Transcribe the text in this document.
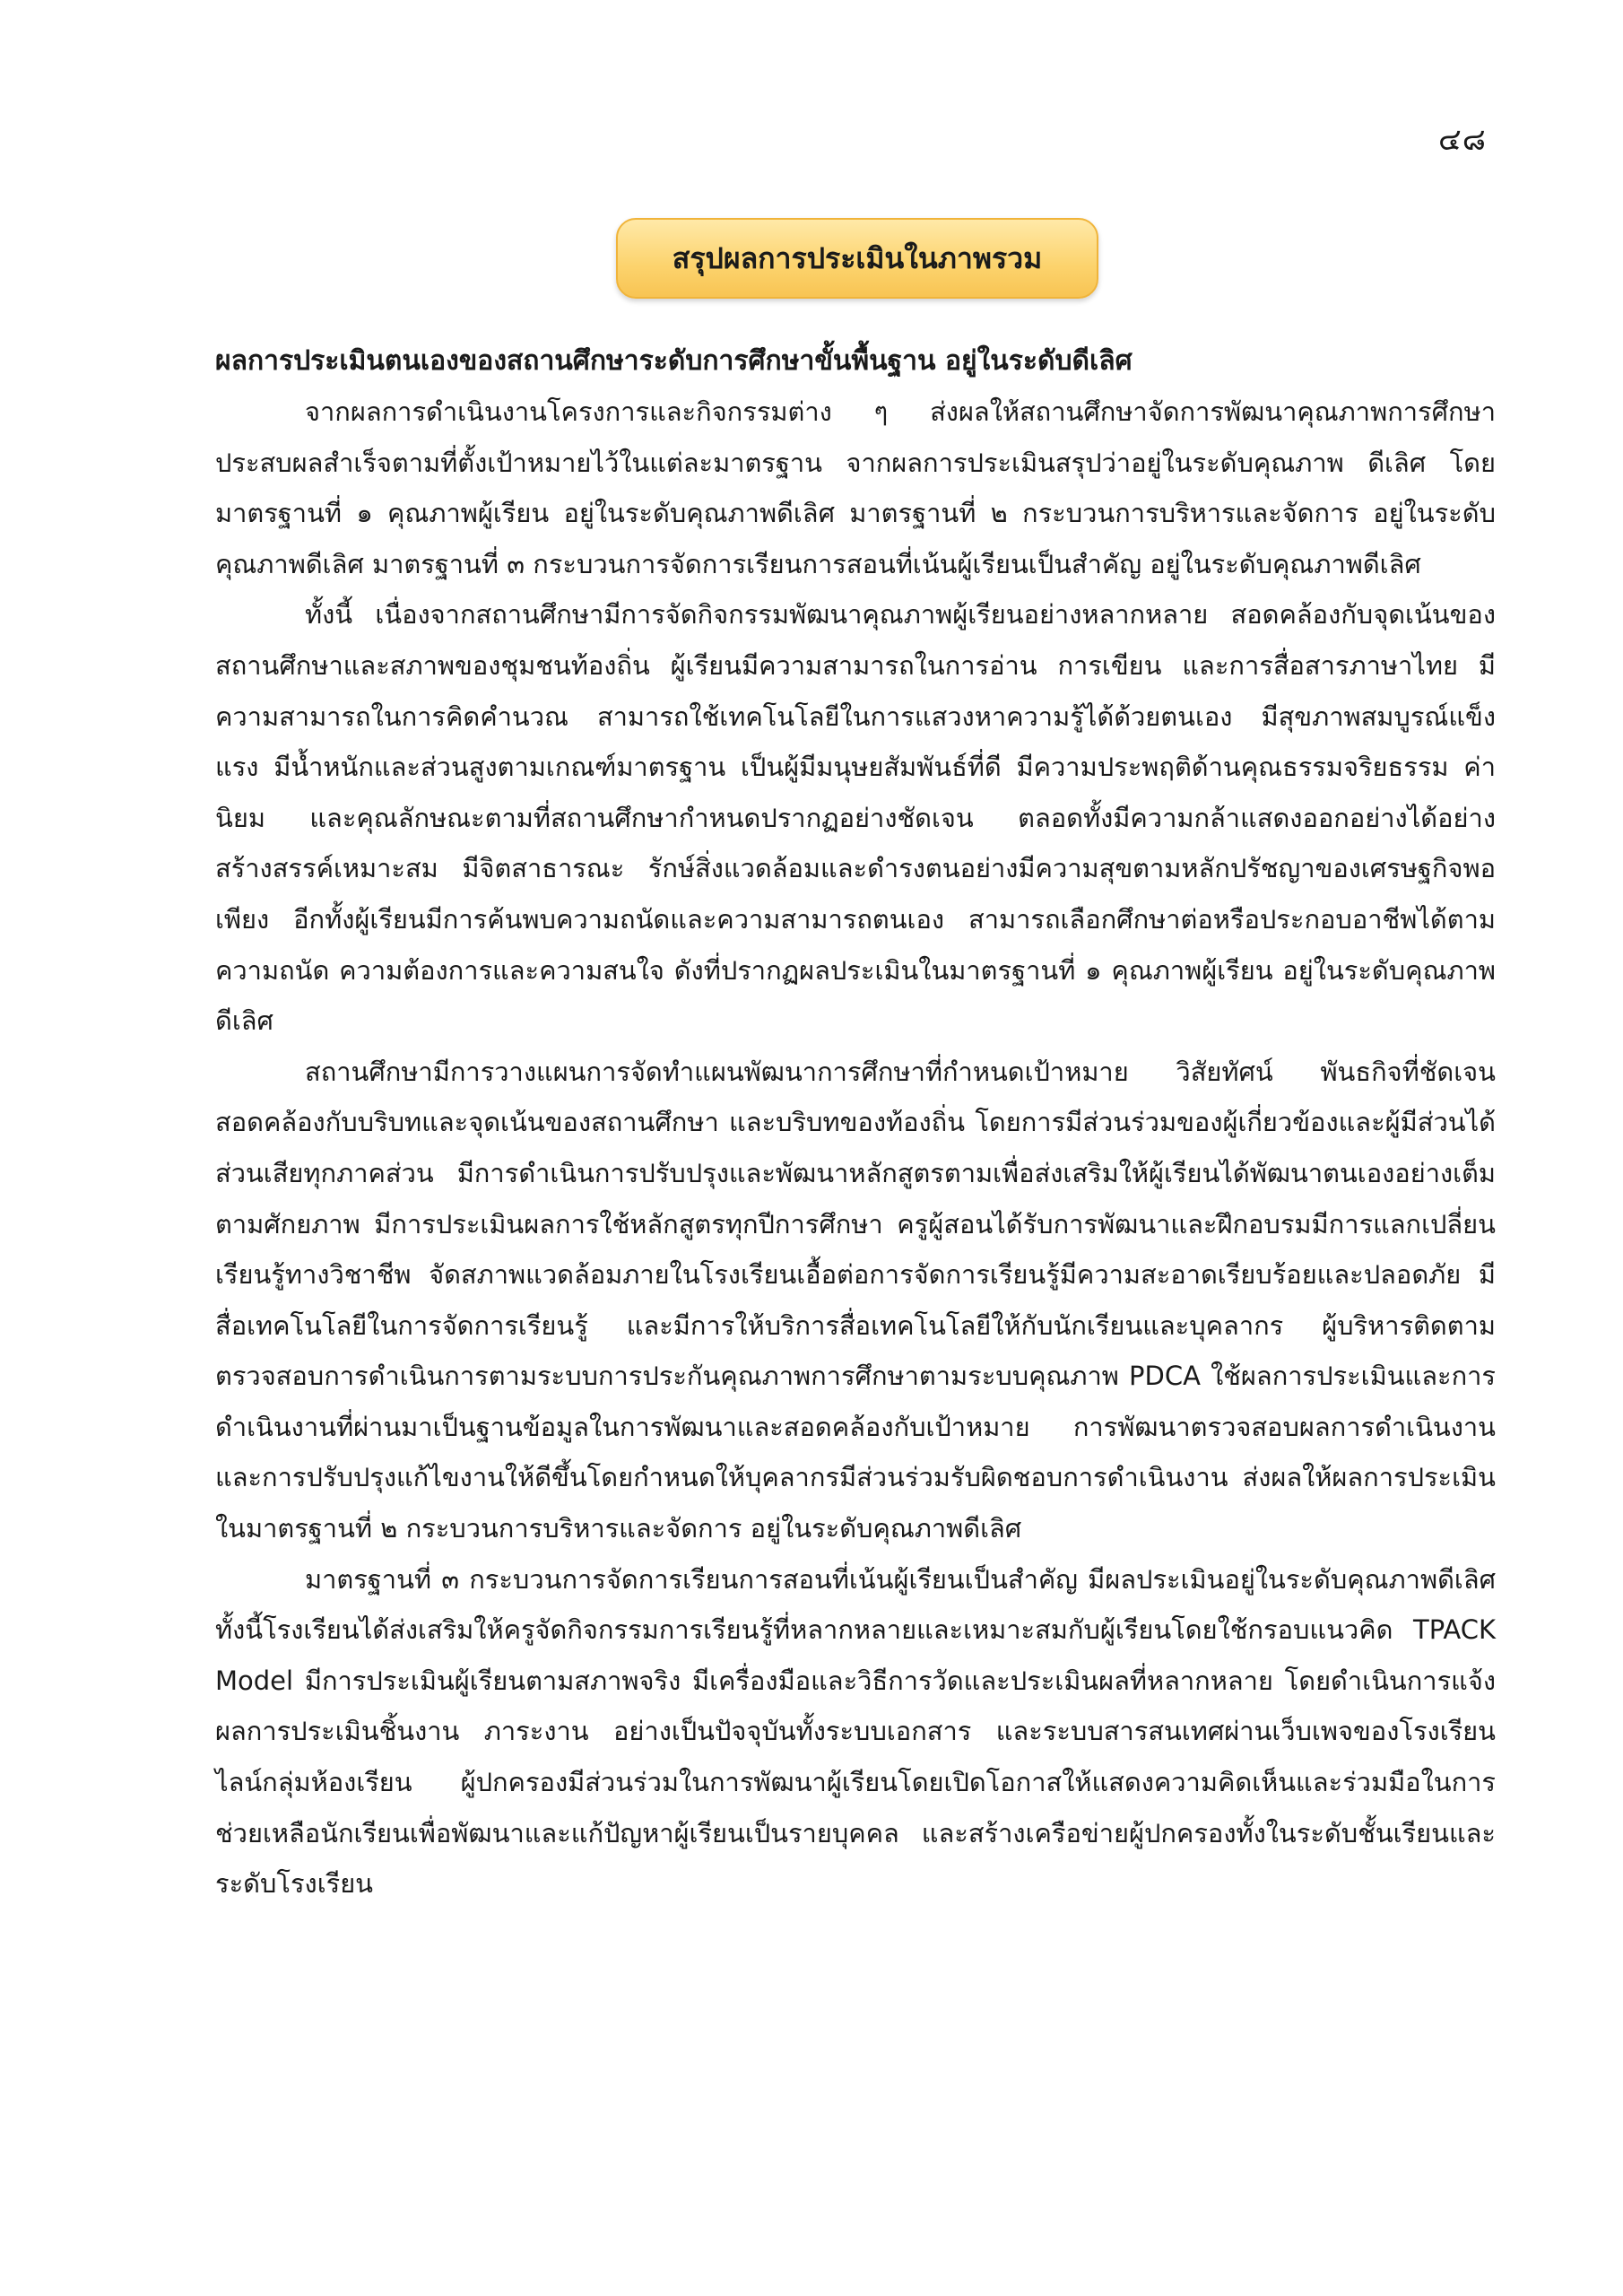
๔๘
สรุปผลการประเมินในภาพรวม

ผลการประเมินตนเองของสถานศึกษาระดับการศึกษาขั้นพื้นฐาน อยู่ในระดับดีเลิศ

จากผลการดำเนินงานโครงการและกิจกรรมต่าง ๆ ส่งผลให้สถานศึกษาจัดการพัฒนาคุณภาพการศึกษาประสบผลสำเร็จตามที่ตั้งเป้าหมายไว้ในแต่ละมาตรฐาน จากผลการประเมินสรุปว่าอยู่ในระดับคุณภาพ ดีเลิศ โดยมาตรฐานที่ ๑ คุณภาพผู้เรียน อยู่ในระดับคุณภาพดีเลิศ มาตรฐานที่ ๒ กระบวนการบริหารและจัดการ อยู่ในระดับคุณภาพดีเลิศ มาตรฐานที่ ๓ กระบวนการจัดการเรียนการสอนที่เน้นผู้เรียนเป็นสำคัญ อยู่ในระดับคุณภาพดีเลิศ

ทั้งนี้ เนื่องจากสถานศึกษามีการจัดกิจกรรมพัฒนาคุณภาพผู้เรียนอย่างหลากหลาย สอดคล้องกับจุดเน้นของสถานศึกษาและสภาพของชุมชนท้องถิ่น ผู้เรียนมีความสามารถในการอ่าน การเขียน และการสื่อสารภาษาไทย มีความสามารถในการคิดคำนวณ สามารถใช้เทคโนโลยีในการแสวงหาความรู้ได้ด้วยตนเอง มีสุขภาพสมบูรณ์แข็งแรง มีน้ำหนักและส่วนสูงตามเกณฑ์มาตรฐาน เป็นผู้มีมนุษยสัมพันธ์ที่ดี มีความประพฤติด้านคุณธรรมจริยธรรม ค่านิยม และคุณลักษณะตามที่สถานศึกษากำหนดปรากฏอย่างชัดเจน ตลอดทั้งมีความกล้าแสดงออกอย่างได้อย่างสร้างสรรค์เหมาะสม มีจิตสาธารณะ รักษ์สิ่งแวดล้อมและดำรงตนอย่างมีความสุขตามหลักปรัชญาของเศรษฐกิจพอเพียง อีกทั้งผู้เรียนมีการค้นพบความถนัดและความสามารถตนเอง สามารถเลือกศึกษาต่อหรือประกอบอาชีพได้ตามความถนัด ความต้องการและความสนใจ ดังที่ปรากฏผลประเมินในมาตรฐานที่ ๑ คุณภาพผู้เรียน อยู่ในระดับคุณภาพดีเลิศ

สถานศึกษามีการวางแผนการจัดทำแผนพัฒนาการศึกษาที่กำหนดเป้าหมาย วิสัยทัศน์ พันธกิจที่ชัดเจนสอดคล้องกับบริบทและจุดเน้นของสถานศึกษา และบริบทของท้องถิ่น โดยการมีส่วนร่วมของผู้เกี่ยวข้องและผู้มีส่วนได้ส่วนเสียทุกภาคส่วน มีการดำเนินการปรับปรุงและพัฒนาหลักสูตรตามเพื่อส่งเสริมให้ผู้เรียนได้พัฒนาตนเองอย่างเต็มตามศักยภาพ มีการประเมินผลการใช้หลักสูตรทุกปีการศึกษา ครูผู้สอนได้รับการพัฒนาและฝึกอบรมมีการแลกเปลี่ยนเรียนรู้ทางวิชาชีพ จัดสภาพแวดล้อมภายในโรงเรียนเอื้อต่อการจัดการเรียนรู้มีความสะอาดเรียบร้อยและปลอดภัย มีสื่อเทคโนโลยีในการจัดการเรียนรู้ และมีการให้บริการสื่อเทคโนโลยีให้กับนักเรียนและบุคลากร ผู้บริหารติดตาม ตรวจสอบการดำเนินการตามระบบการประกันคุณภาพการศึกษาตามระบบคุณภาพ PDCA ใช้ผลการประเมินและการดำเนินงานที่ผ่านมาเป็นฐานข้อมูลในการพัฒนาและสอดคล้องกับเป้าหมาย การพัฒนาตรวจสอบผลการดำเนินงาน และการปรับปรุงแก้ไขงานให้ดีขึ้นโดยกำหนดให้บุคลากรมีส่วนร่วมรับผิดชอบการดำเนินงาน ส่งผลให้ผลการประเมินในมาตรฐานที่ ๒ กระบวนการบริหารและจัดการ อยู่ในระดับคุณภาพดีเลิศ

มาตรฐานที่ ๓ กระบวนการจัดการเรียนการสอนที่เน้นผู้เรียนเป็นสำคัญ มีผลประเมินอยู่ในระดับคุณภาพดีเลิศ ทั้งนี้โรงเรียนได้ส่งเสริมให้ครูจัดกิจกรรมการเรียนรู้ที่หลากหลายและเหมาะสมกับผู้เรียนโดยใช้กรอบแนวคิด TPACK Model มีการประเมินผู้เรียนตามสภาพจริง มีเครื่องมือและวิธีการวัดและประเมินผลที่หลากหลาย โดยดำเนินการแจ้งผลการประเมินชิ้นงาน ภาระงาน อย่างเป็นปัจจุบันทั้งระบบเอกสาร และระบบสารสนเทศผ่านเว็บเพจของโรงเรียน ไลน์กลุ่มห้องเรียน ผู้ปกครองมีส่วนร่วมในการพัฒนาผู้เรียนโดยเปิดโอกาสให้แสดงความคิดเห็นและร่วมมือในการช่วยเหลือนักเรียนเพื่อพัฒนาและแก้ปัญหาผู้เรียนเป็นรายบุคคล และสร้างเครือข่ายผู้ปกครองทั้งในระดับชั้นเรียนและระดับโรงเรียน
